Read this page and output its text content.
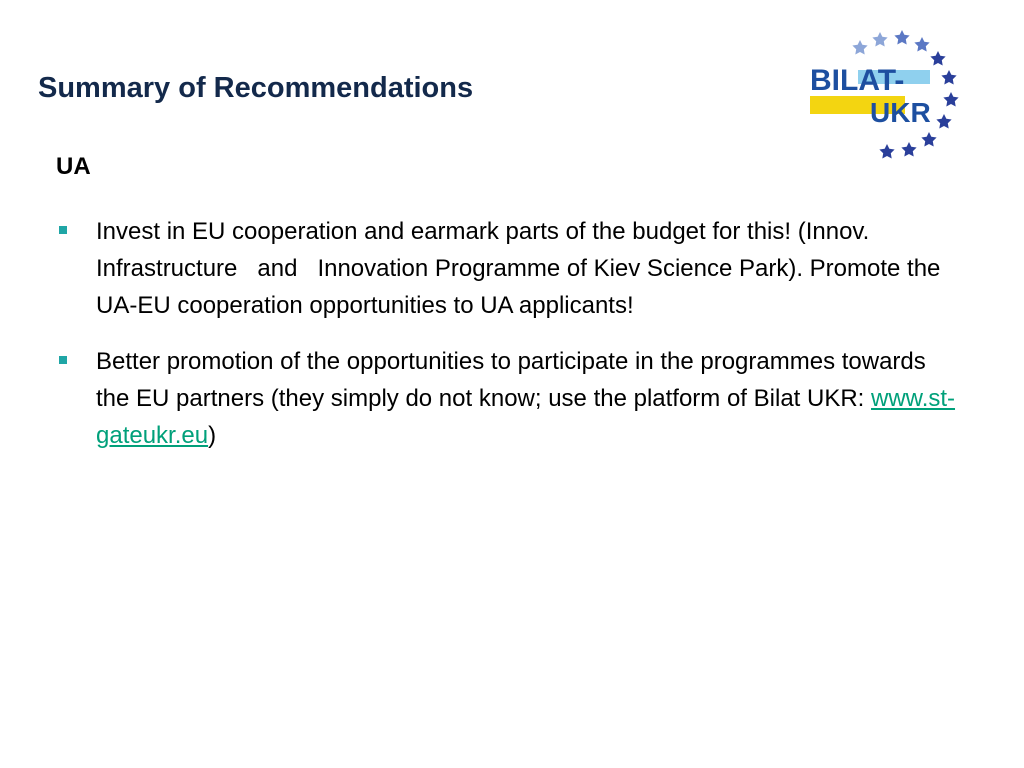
Summary of Recommendations	BILAT-
UKR
UA
Invest in EU cooperation and earmark parts of the budget for this! (Innov. Infrastructure   and   Innovation Programme of Kiev Science Park). Promote the UA-EU cooperation opportunities to UA applicants!
Better promotion of the opportunities to participate in the programmes towards the EU partners (they simply do not know; use the platform of Bilat UKR: www.st-gateukr.eu)
